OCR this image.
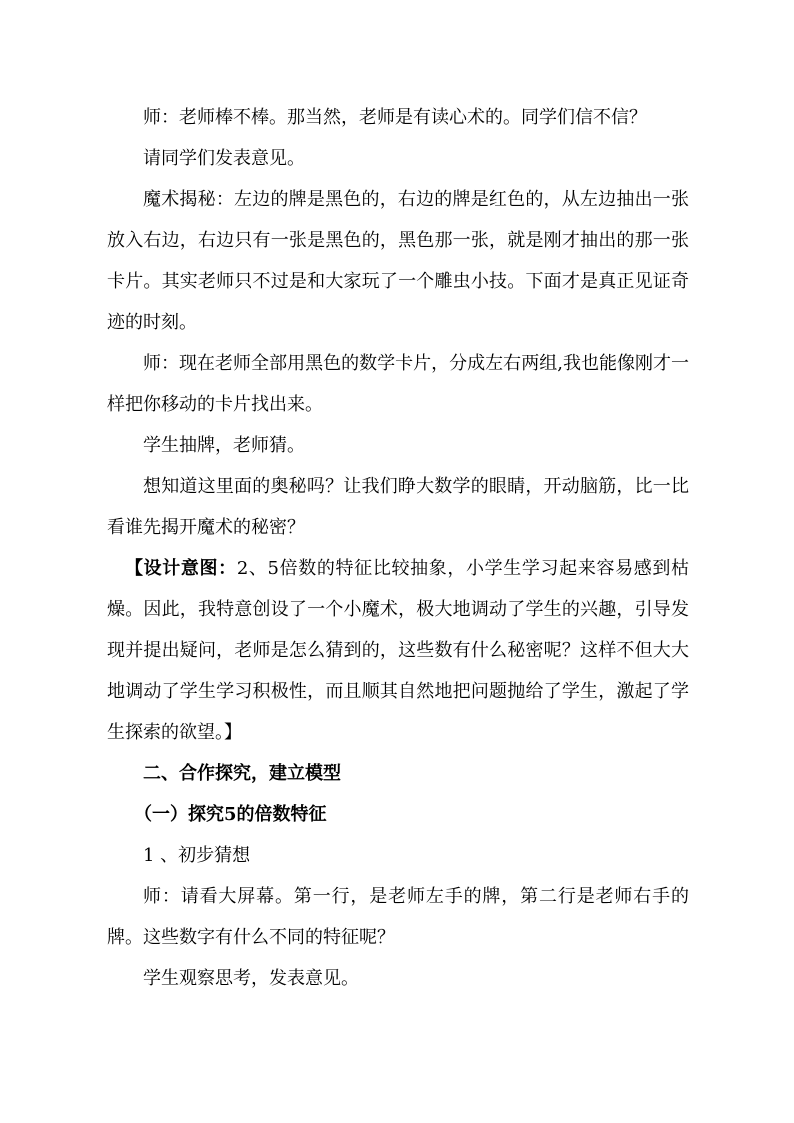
师：老师棒不棒。那当然，老师是有读心术的。同学们信不信？

请同学们发表意见。

魔术揭秘：左边的牌是黑色的，右边的牌是红色的，从左边抽出一张放入右边，右边只有一张是黑色的，黑色那一张，就是刚才抽出的那一张卡片。其实老师只不过是和大家玩了一个雕虫小技。下面才是真正见证奇迹的时刻。

师：现在老师全部用黑色的数学卡片，分成左右两组,我也能像刚才一样把你移动的卡片找出来。

学生抽牌，老师猜。

想知道这里面的奥秘吗？让我们睁大数学的眼睛，开动脑筋，比一比看谁先揭开魔术的秘密？

【设计意图：2、5倍数的特征比较抽象，小学生学习起来容易感到枯燥。因此，我特意创设了一个小魔术，极大地调动了学生的兴趣，引导发现并提出疑问，老师是怎么猜到的，这些数有什么秘密呢？这样不但大大地调动了学生学习积极性，而且顺其自然地把问题抛给了学生，激起了学生探索的欲望。】

二、合作探究，建立模型

（一）探究5的倍数特征

1 、初步猜想

师：请看大屏幕。第一行，是老师左手的牌，第二行是老师右手的牌。这些数字有什么不同的特征呢？

学生观察思考，发表意见。
